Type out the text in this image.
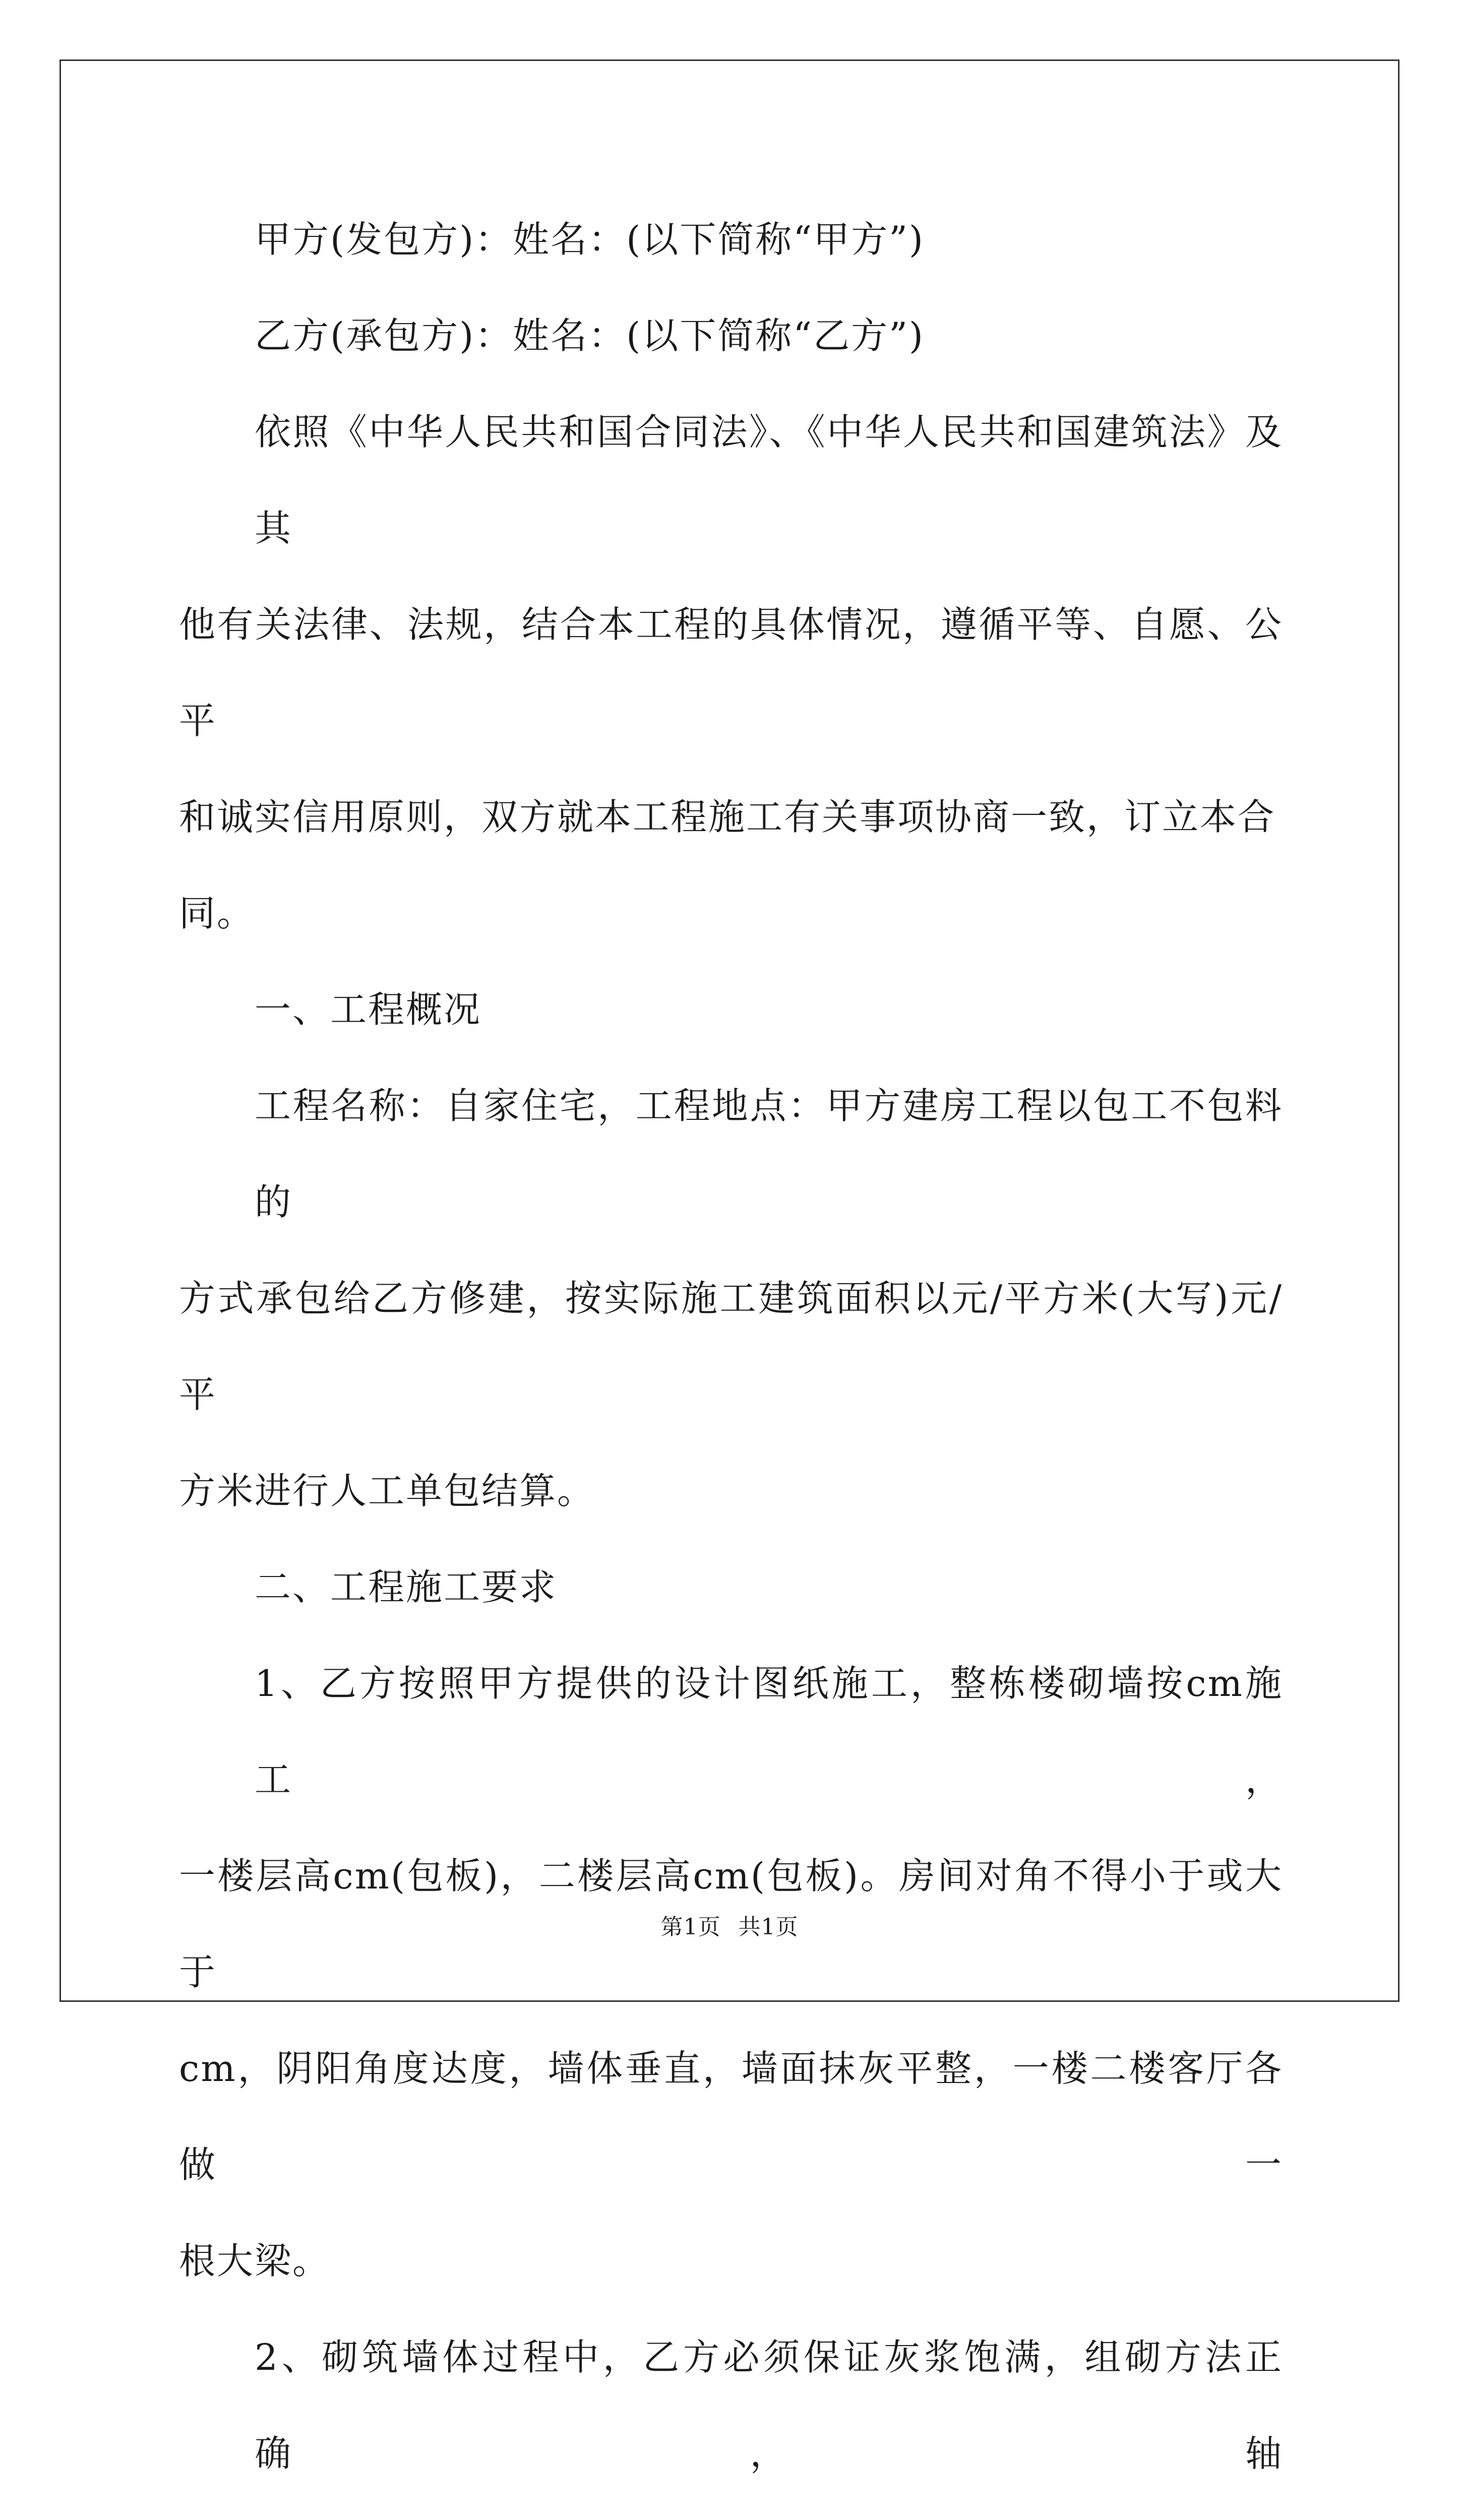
甲方(发包方)：姓名：(以下简称“甲方”)

乙方(承包方)：姓名：(以下简称“乙方”)

依照《中华人民共和国合同法》、《中华人民共和国建筑法》及其
他有关法律、法规，结合本工程的具体情况，遵循平等、自愿、公平
和诚实信用原则，双方就本工程施工有关事项协商一致，订立本合同。

一、工程概况

工程名称：自家住宅，工程地点：甲方建房工程以包工不包料的
方式承包给乙方修建，按实际施工建筑面积以元/平方米(大写)元/平
方米进行人工单包结算。

二、工程施工要求

1、乙方按照甲方提供的设计图纸施工，整栋楼砌墙按cm施工，
一楼层高cm(包板)，二楼层高cm(包板)。房间对角不得小于或大于
cm，阴阳角度达度，墙体垂直，墙面抹灰平整，一楼二楼客厅各做一
根大梁。

2、砌筑墙体过程中，乙方必须保证灰浆饱满，组砌方法正确，轴

第1页 共1页
